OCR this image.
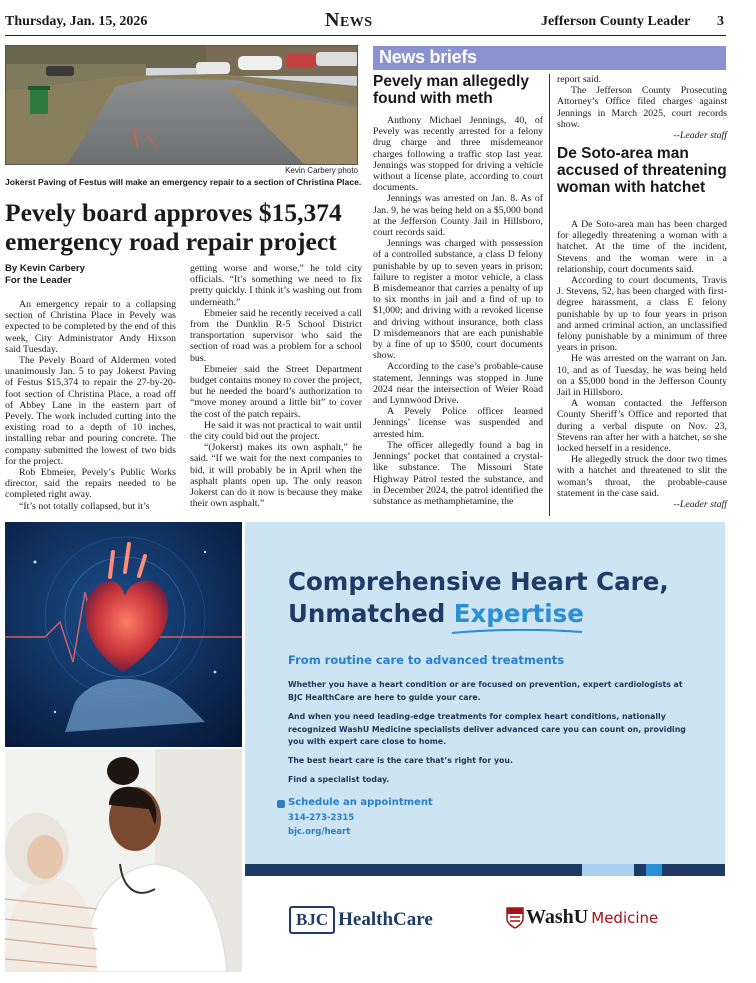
Thursday, Jan. 15, 2026	News	Jefferson County Leader 3
Kevin Carbery photo
Jokerst Paving of Festus will make an emergency repair to a section of Christina Place.
Pevely board approves $15,374 emergency road repair project
By Kevin Carbery
For the Leader

An emergency repair to a collapsing section of Christina Place in Pevely was expected to be completed by the end of this week, City Administrator Andy Hixson said Tuesday.

The Pevely Board of Aldermen voted unanimously Jan. 5 to pay Jokerst Paving of Festus $15,374 to repair the 27-by-20-foot section of Christina Place, a road off of Abbey Lane in the eastern part of Pevely. The work included cutting into the existing road to a depth of 10 inches, installing rebar and pouring concrete. The company submitted the lowest of two bids for the project.

Rob Ebmeier, Pevely’s Public Works director, said the repairs needed to be completed right away.

“It’s not totally collapsed, but it’s

getting worse and worse,” he told city officials. “It’s something we need to fix pretty quickly. I think it’s washing out from underneath.”

Ebmeier said he recently received a call from the Dunklin R-5 School District transportation supervisor who said the section of road was a problem for a school bus.

Ebmeier said the Street Department budget contains money to cover the project, but he needed the board’s authorization to “move money around a little bit” to cover the cost of the patch repairs.

He said it was not practical to wait until the city could bid out the project.

“(Jokerst) makes its own asphalt,” he said. “If we wait for the next companies to bid, it will probably be in April when the asphalt plants open up. The only reason Jokerst can do it now is because they make their own asphalt.”

News briefs
Pevely man allegedly found with meth

Anthony Michael Jennings, 40, of Pevely was recently arrested for a felony drug charge and three misdemeanor charges following a traffic stop last year. Jennings was stopped for driving a vehicle without a license plate, according to court documents.

Jennings was arrested on Jan. 8. As of Jan. 9, he was being held on a $5,000 bond at the Jefferson County Jail in Hillsboro, court records said.

Jennings was charged with possession of a controlled substance, a class D felony punishable by up to seven years in prison; failure to register a motor vehicle, a class B misdemeanor that carries a penalty of up to six months in jail and a find of up to $1,000; and driving with a revoked license and driving without insurance, both class D misdemeanors that are each punishable by a fine of up to $500, court documents show.

According to the case’s probable-cause statement, Jennings was stopped in June 2024 near the intersection of Weier Road and Lynnwood Drive.

A Pevely Police officer learned Jennings’ license was suspended and arrested him.

The officer allegedly found a bag in Jennings’ pocket that contained a crystal-like substance. The Missouri State Highway Patrol tested the substance, and in December 2024, the patrol identified the substance as methamphetamine, the

report said.

The Jefferson County Prosecuting Attorney’s Office filed charges against Jennings in March 2025, court records show.

--Leader staff

De Soto-area man accused of threatening woman with hatchet

A De Soto-area man has been charged for allegedly threatening a woman with a hatchet. At the time of the incident, Stevens and the woman were in a relationship, court documents said.

According to court documents, Travis J. Stevens, 52, has been charged with first-degree harassment, a class E felony punishable by up to four years in prison and armed criminal action, an unclassified felony punishable by a minimum of three years in prison.

He was arrested on the warrant on Jan. 10, and as of Tuesday, he was being held on a $5,000 bond in the Jefferson County Jail in Hillsboro.

A woman contacted the Jefferson County Sheriff’s Office and reported that during a verbal dispute on Nov. 23, Stevens ran after her with a hatchet, so she locked herself in a residence.

He allegedly struck the door two times with a hatchet and threatened to slit the woman’s throat, the probable-cause statement in the case said.

--Leader staff

Comprehensive Heart Care,
Unmatched Expertise
From routine care to advanced treatments
Whether you have a heart condition or are focused on prevention, expert cardiologists at BJC HealthCare are here to guide your care.
And when you need leading-edge treatments for complex heart conditions, nationally recognized WashU Medicine specialists deliver advanced care you can count on, providing you with expert care close to home.
The best heart care is the care that’s right for you.
Find a specialist today.
Schedule an appointment
314-273-2315
bjc.org/heart
BJC HealthCare	WashU Medicine
